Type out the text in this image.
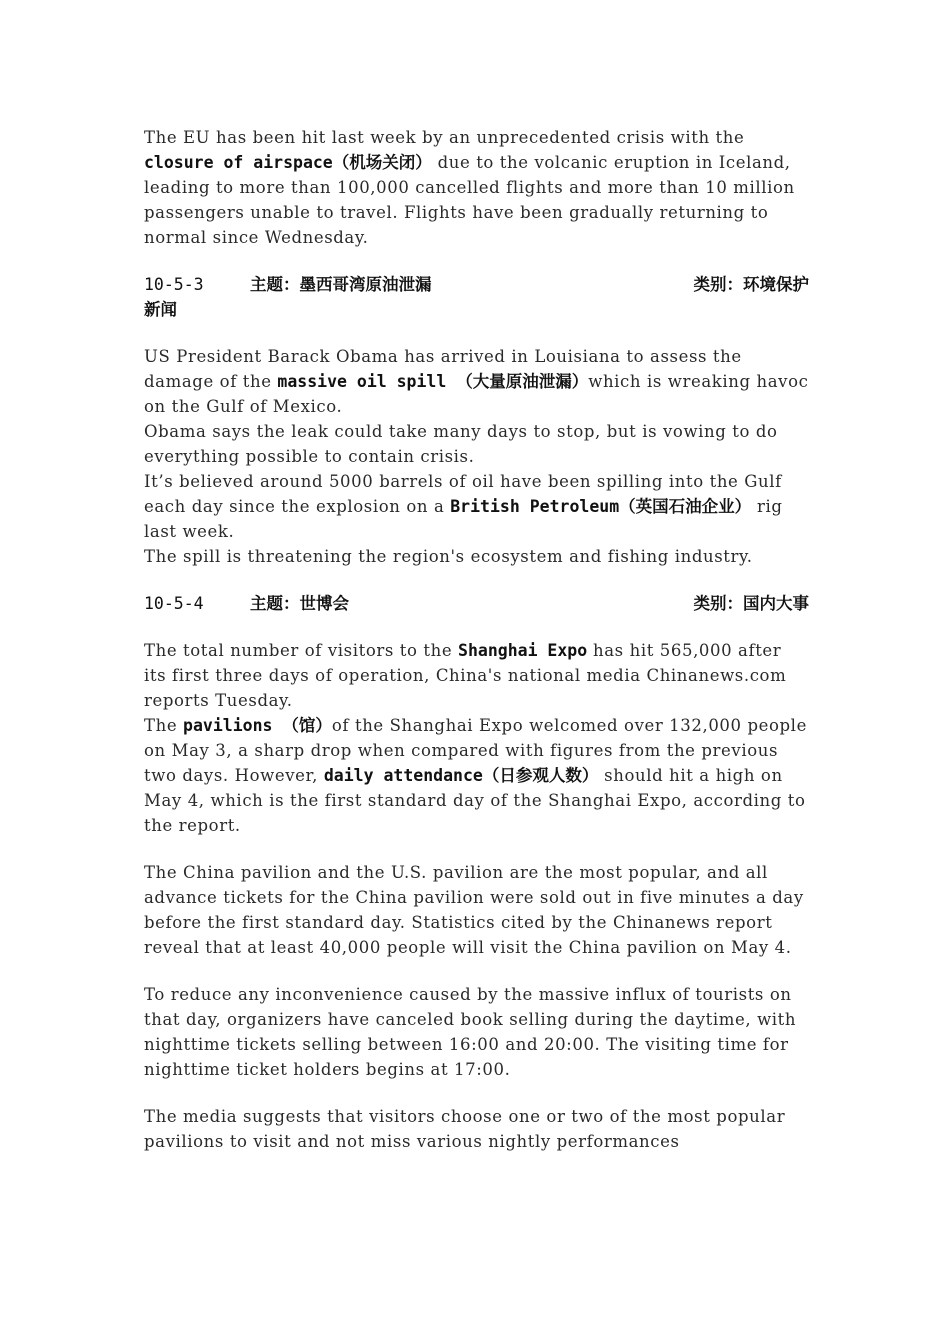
The EU has been hit last week by an unprecedented crisis with the closure of airspace（机场关闭） due to the volcanic eruption in Iceland, leading to more than 100,000 cancelled flights and more than 10 million passengers unable to travel. Flights have been gradually returning to normal since Wednesday.

10-5-3	主题：墨西哥湾原油泄漏	类别：环境保护
新闻

US President Barack Obama has arrived in Louisiana to assess the damage of the massive oil spill （大量原油泄漏）which is wreaking havoc on the Gulf of Mexico.

Obama says the leak could take many days to stop, but is vowing to do everything possible to contain crisis.

It’s believed around 5000 barrels of oil have been spilling into the Gulf each day since the explosion on a British Petroleum（英国石油企业） rig last week.

The spill is threatening the region's ecosystem and fishing industry.

10-5-4	主题：世博会	类别：国内大事

The total number of visitors to the Shanghai Expo has hit 565,000 after its first three days of operation, China's national media Chinanews.com reports Tuesday.

The pavilions （馆）of the Shanghai Expo welcomed over 132,000 people on May 3, a sharp drop when compared with figures from the previous two days. However, daily attendance（日参观人数） should hit a high on May 4, which is the first standard day of the Shanghai Expo, according to the report.

The China pavilion and the U.S. pavilion are the most popular, and all advance tickets for the China pavilion were sold out in five minutes a day before the first standard day. Statistics cited by the Chinanews report reveal that at least 40,000 people will visit the China pavilion on May 4.

To reduce any inconvenience caused by the massive influx of tourists on that day, organizers have canceled book selling during the daytime, with nighttime tickets selling between 16:00 and 20:00. The visiting time for nighttime ticket holders begins at 17:00.

The media suggests that visitors choose one or two of the most popular pavilions to visit and not miss various nightly performances
